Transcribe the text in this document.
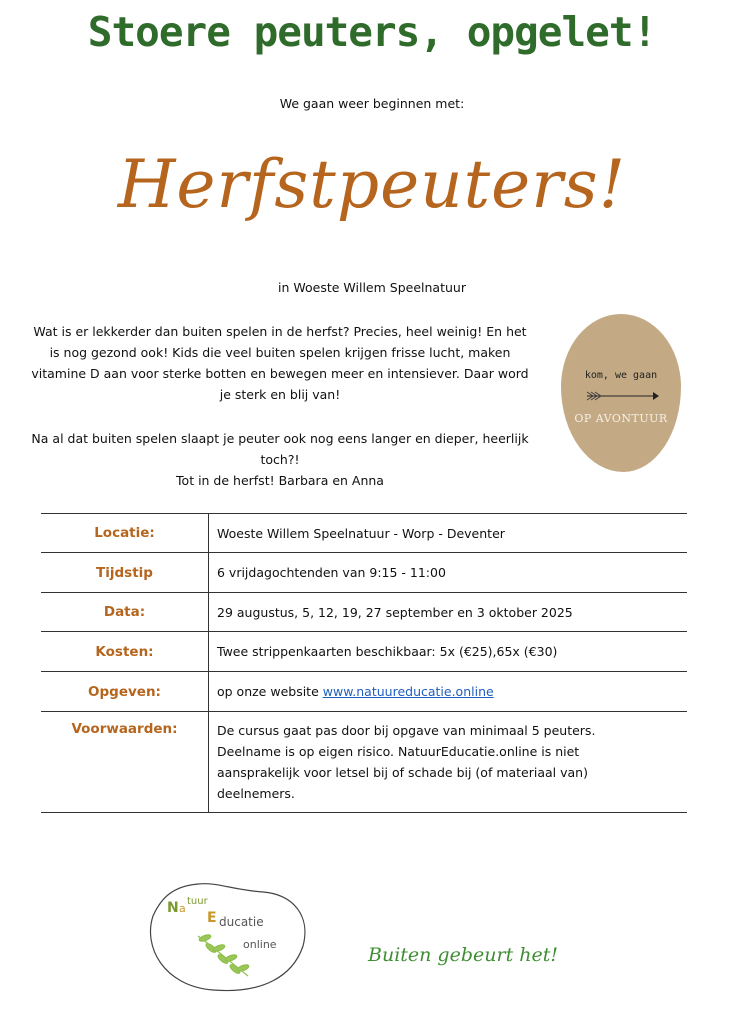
Stoere peuters, opgelet!
We gaan weer beginnen met:
Herfstpeuters!
in Woeste Willem Speelnatuur
Wat is er lekkerder dan buiten spelen in de herfst? Precies, heel weinig! En het is nog gezond ook! Kids die veel buiten spelen krijgen frisse lucht, maken vitamine D aan voor sterke botten en bewegen meer en intensiever. Daar word je sterk en blij van!
Na al dat buiten spelen slaapt je peuter ook nog eens langer en dieper, heerlijk toch?!
Tot in de herfst! Barbara en Anna
kom, we gaan
OP AVONTUUR
Locatie:	Woeste Willem Speelnatuur - Worp - Deventer
Tijdstip	6 vrijdagochtenden van 9:15 - 11:00
Data:	29 augustus, 5, 12, 19, 27 september en 3 oktober 2025
Kosten:	Twee strippenkaarten beschikbaar: 5x (€25),65x (€30)
Opgeven:	op onze website www.natuureducatie.online
Voorwaarden:	De cursus gaat pas door bij opgave van minimaal 5 peuters.
Deelname is op eigen risico. NatuurEducatie.online is niet
aansprakelijk voor letsel bij of schade bij (of materiaal van)
deelnemers.
N a
tuur
E ducatie
online	Buiten gebeurt het!
